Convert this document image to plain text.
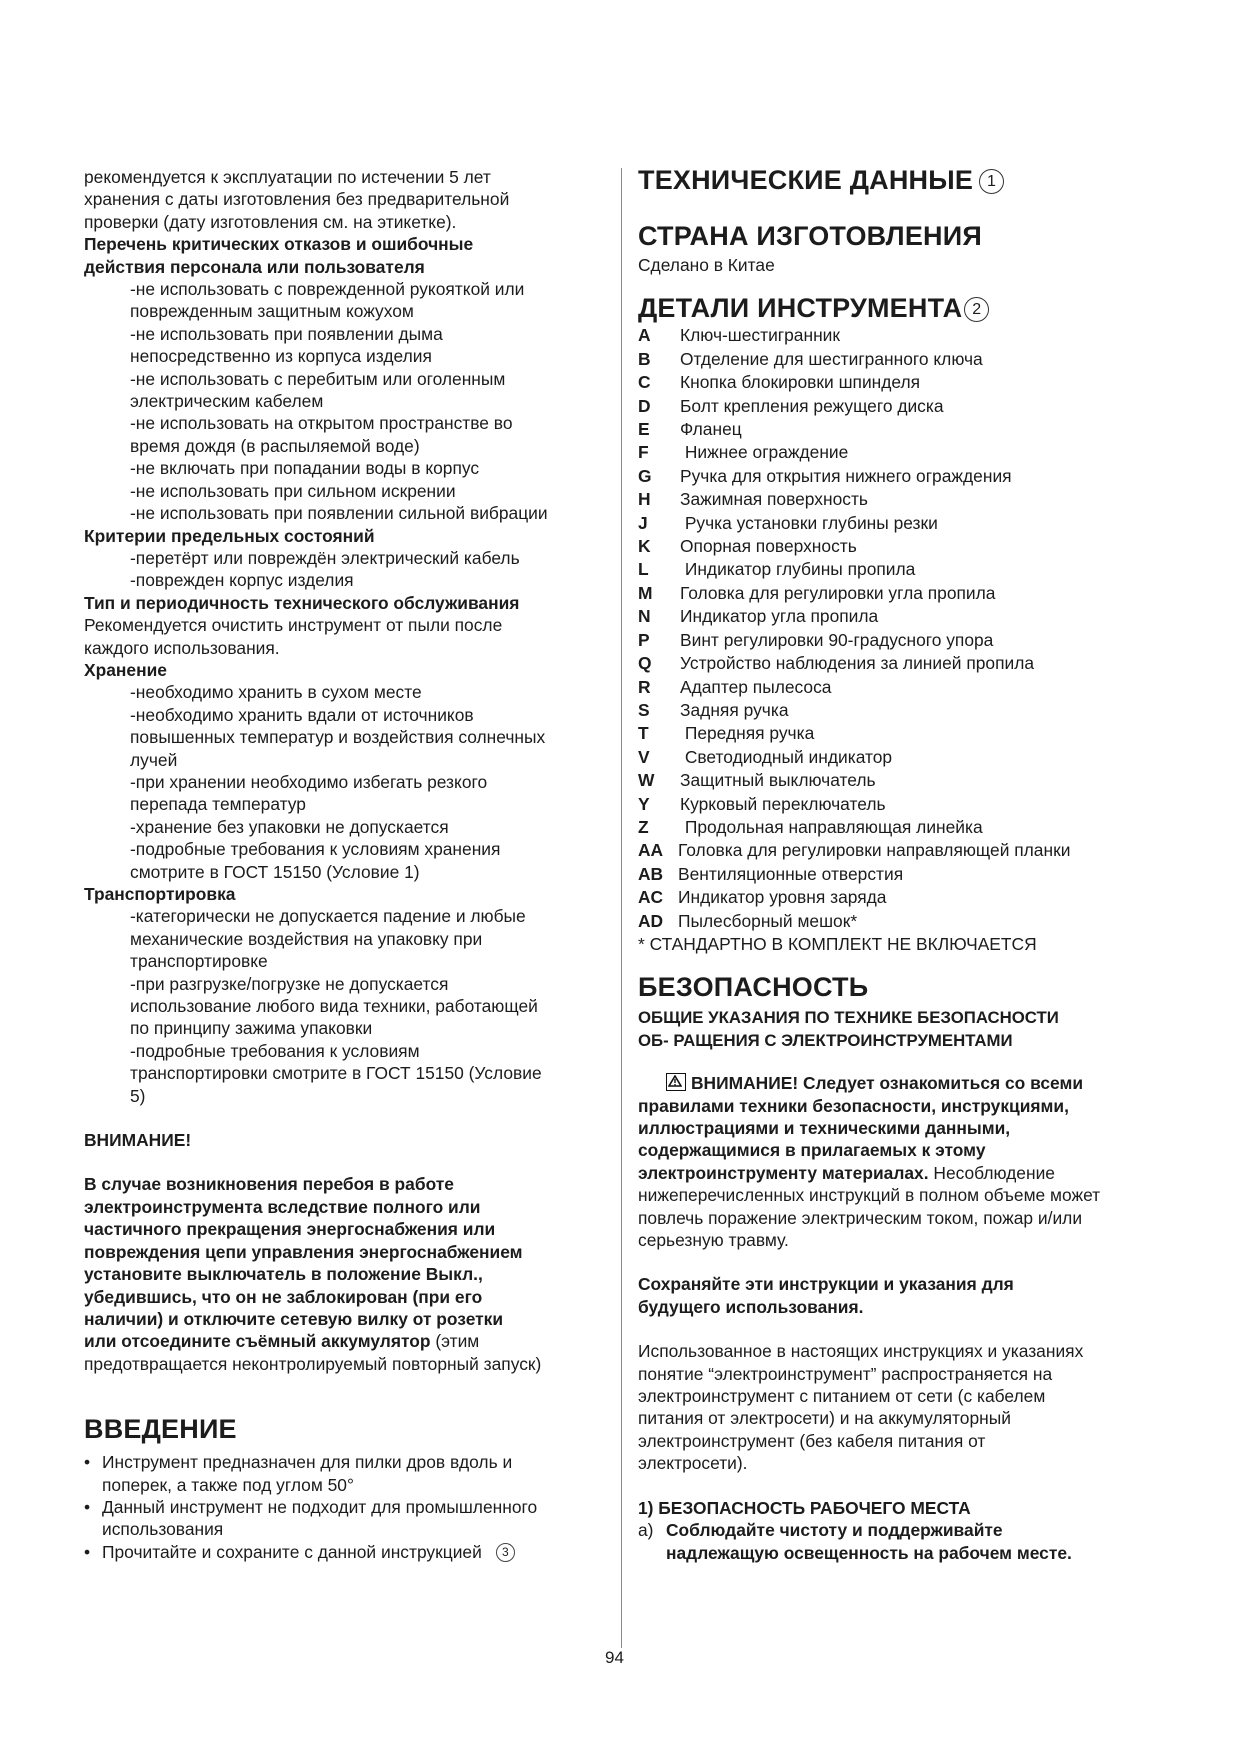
рекомендуется к эксплуатации по истечении 5 лет
хранения с даты изготовления без предварительной
проверки (дату изготовления см. на этикетке).

Перечень критических отказов и ошибочные
действия персонала или пользователя

-не использовать с поврежденной рукояткой или
поврежденным защитным кожухом

-не использовать при появлении дыма
непосредственно из корпуса изделия

-не использовать с перебитым или оголенным
электрическим кабелем

-не использовать на открытом пространстве во
время дождя (в распыляемой воде)

-не включать при попадании воды в корпус

-не использовать при сильном искрении

-не использовать при появлении сильной вибрации

Критерии предельных состояний

-перетёрт или повреждён электрический кабель

-поврежден корпус изделия

Тип и периодичность технического обслуживания

Рекомендуется очистить инструмент от пыли после
каждого использования.

Хранение

-необходимо хранить в сухом месте

-необходимо хранить вдали от источников
повышенных температур и воздействия солнечных
лучей

-при хранении необходимо избегать резкого
перепада температур

-хранение без упаковки не допускается

-подробные требования к условиям хранения
смотрите в ГОСТ 15150 (Условие 1)

Транспортировка

-категорически не допускается падение и любые
механические воздействия на упаковку при
транспортировке

-при разгрузке/погрузке не допускается
использование любого вида техники, работающей
по принципу зажима упаковки

-подробные требования к условиям
транспортировки смотрите в ГОСТ 15150 (Условие
5)

ВНИМАНИЕ!

В случае возникновения перебоя в работе
электроинструмента вследствие полного или
частичного прекращения энергоснабжения или
повреждения цепи управления энергоснабжением
установите выключатель в положение Выкл.,
убедившись, что он не заблокирован (при его
наличии) и отключите сетевую вилку от розетки
или отсоедините съёмный аккумулятор (этим
предотвращается неконтролируемый повторный запуск)

ВВЕДЕНИЕ

• Инструмент предназначен для пилки дров вдоль и
поперек, а также под углом 50°

• Данный инструмент не подходит для промышленного
использования

• Прочитайте и сохраните с данной инструкцией 3

ТЕХНИЧЕСКИЕ ДАННЫЕ 1
СТРАНА ИЗГОТОВЛЕНИЯ

Сделано в Китае

ДЕТАЛИ ИНСТРУМЕНТА 2
A	Ключ-шестигранник
B	Отделение для шестигранного ключа
C	Кнопка блокировки шпинделя
D	Болт крепления режущего диска
E	Фланец
F	Нижнее ограждение
G	Ручка для открытия нижнего ограждения
H	Зажимная поверхность
J	Ручка установки глубины резки
K	Опорная поверхность
L	Индикатор глубины пропила
M	Головка для регулировки угла пропила
N	Индикатор угла пропила
P	Винт регулировки 90-градусного упора
Q	Устройство наблюдения за линией пропила
R	Адаптер пылесоса
S	Задняя ручка
T	Передняя ручка
V	Светодиодный индикатор
W	Защитный выключатель
Y	Курковый переключатель
Z	Продольная направляющая линейка
AA Головка для регулировки направляющей планки
AB Вентиляционные отверстия
AC Индикатор уровня заряда
AD Пылесборный мешок*

* СТАНДАРТНО В КОМПЛЕКТ НЕ ВКЛЮЧАЕТСЯ

БЕЗОПАСНОСТЬ

ОБЩИЕ УКАЗАНИЯ ПО ТЕХНИКЕ БЕЗОПАСНОСТИ
ОБ- РАЩЕНИЯ С ЭЛЕКТРОИНСТРУМЕНТАМИ

ВНИМАНИЕ! Следует ознакомиться со всеми
правилами техники безопасности, инструкциями,
иллюстрациями и техническими данными,
содержащимися в прилагаемых к этому
электроинструменту материалах. Несоблюдение
нижеперечисленных инструкций в полном объеме может
повлечь поражение электрическим током, пожар и/или
серьезную травму.

Сохраняйте эти инструкции и указания для
будущего использования.

Использованное в настоящих инструкциях и указаниях
понятие “электроинструмент” распространяется на
электроинструмент с питанием от сети (с кабелем
питания от электросети) и на аккумуляторный
электроинструмент (без кабеля питания от
электросети).

1) БЕЗОПАСНОСТЬ РАБОЧЕГО МЕСТА

а) Соблюдайте чистоту и поддерживайте
надлежащую освещенность на рабочем месте.

94
